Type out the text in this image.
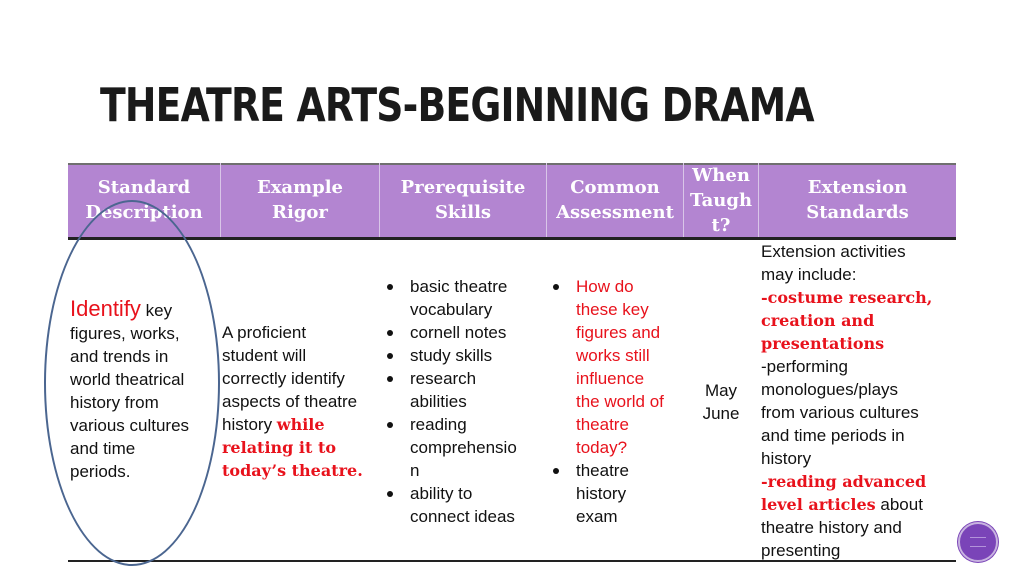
THEATRE ARTS-BEGINNING DRAMA
Standard
Description
Example
Rigor
Prerequisite
Skills
Common
Assessment
When
Taugh
t?
Extension
Standards

Identify key
figures, works,
and trends in
world theatrical
history from
various cultures
and time
periods.

A proficient
student will
correctly identify
aspects of theatre
history while
relating it to
today’s theatre.

basic theatre
vocabulary
cornell notes
study skills
research
abilities
reading
comprehensio
n
ability to
connect ideas
How do
these key
figures and
works still
influence
the world of
theatre
today?
theatre
history
exam

May
June

Extension activities
may include:

-costume research,
creation and
presentations

-performing
monologues/plays
from various cultures
and time periods in
history

-reading advanced
level articles about
theatre history and
presenting
